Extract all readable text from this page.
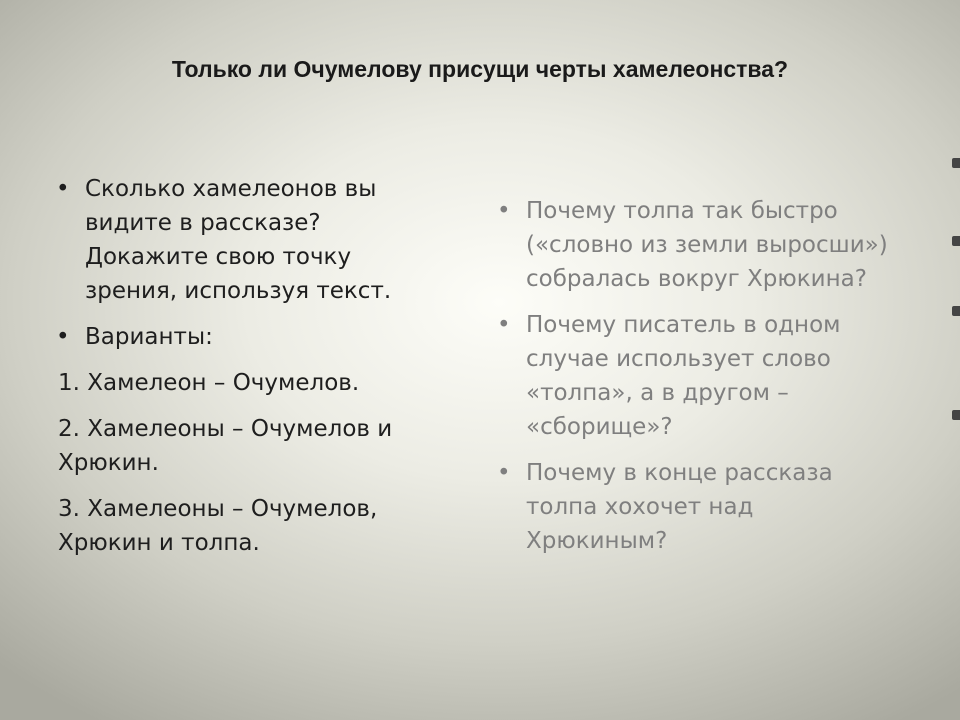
Только ли Очумелову присущи черты хамелеонства?
• Сколько хамелеонов вы видите в рассказе? Докажите свою точку зрения, используя текст.
• Варианты:
1. Хамелеон – Очумелов.
2. Хамелеоны – Очумелов и Хрюкин.
3. Хамелеоны – Очумелов, Хрюкин и толпа.
• Почему толпа так быстро («словно из земли выросши») собралась вокруг Хрюкина?
• Почему писатель в одном случае использует слово «толпа», а в другом – «сборище»?
• Почему в конце рассказа толпа хохочет над Хрюкиным?
